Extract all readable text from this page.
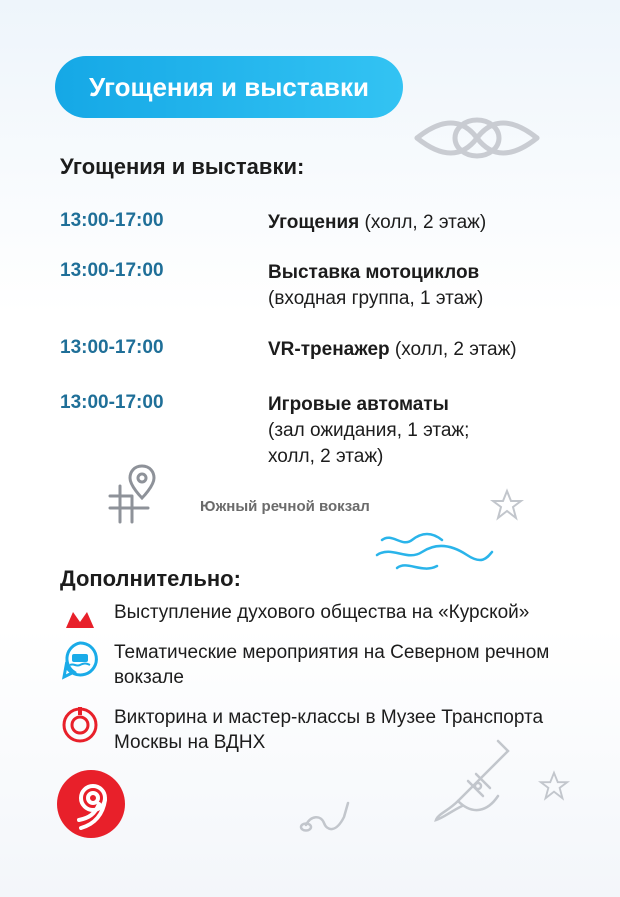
Угощения и выставки
Угощения и выставки:
13:00-17:00	Угощения (холл, 2 этаж)
13:00-17:00	Выставка мотоциклов
(входная группа, 1 этаж)
13:00-17:00	VR-тренажер (холл, 2 этаж)
13:00-17:00	Игровые автоматы
(зал ожидания, 1 этаж; холл, 2 этаж)
Южный речной вокзал
Дополнительно:
Выступление духового общества на «Курской»
Тематические мероприятия на Северном речном вокзале
Викторина и мастер-классы в Музее Транспорта Москвы на ВДНХ
